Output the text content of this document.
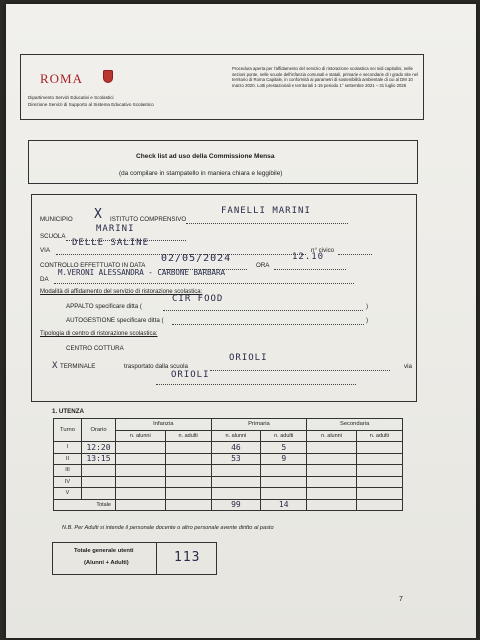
ROMA
Dipartimento Servizi Educativi e Scolastici
Direzione Servizi di Supporto al Sistema Educativo Scolastico
Procedura aperta per l'affidamento del servizio di ristorazione scolastica nei nidi capitolini, nelle sezioni ponte, nelle scuole dell'infanzia comunali e statali, primarie e secondarie di I grado site nel territorio di Roma Capitale, in conformità ai parametri di sostenibilità ambientale di cui al DM 10 marzo 2020. Lotti prestazionali e territoriali 1-15 periodo 1° settembre 2021 – 31 luglio 2026
Check list ad uso della Commissione Mensa
(da compilare in stampatello in maniera chiara e leggibile)
MUNICIPIO X ISTITUTO COMPRENSIVO
FANELLI MARINI
SCUOLA
MARINI
VIA
DELLE SALINE
n° civico
CONTROLLO EFFETTUATO IN DATA
02/05/2024
ORA
12.10
DA
M.VERONI ALESSANDRA - CARBONE BARBARA
Modalità di affidamento del servizio di ristorazione scolastica:
APPALTO specificare ditta (
CIR FOOD
)
AUTOGESTIONE specificare ditta (	)
Tipologia di centro di ristorazione scolastica:
CENTRO COTTURA
X TERMINALE	trasportato dalla scuola
ORIOLI
via
ORIOLI
1. UTENZA
Turno	Orario	Infanzia		Primaria		Secondaria	
		n. alunni	n. adulti	n. alunni	n. adulti	n. alunni	n. adulti
I	12:20			46	5		
II	13:15			53	9		
III							
IV							
V							
Totale				99	14		
N.B. Per Adulti si intende il personale docente o altro personale avente diritto al pasto
Totale generale utenti
(Alunni + Adulti)	113
7
